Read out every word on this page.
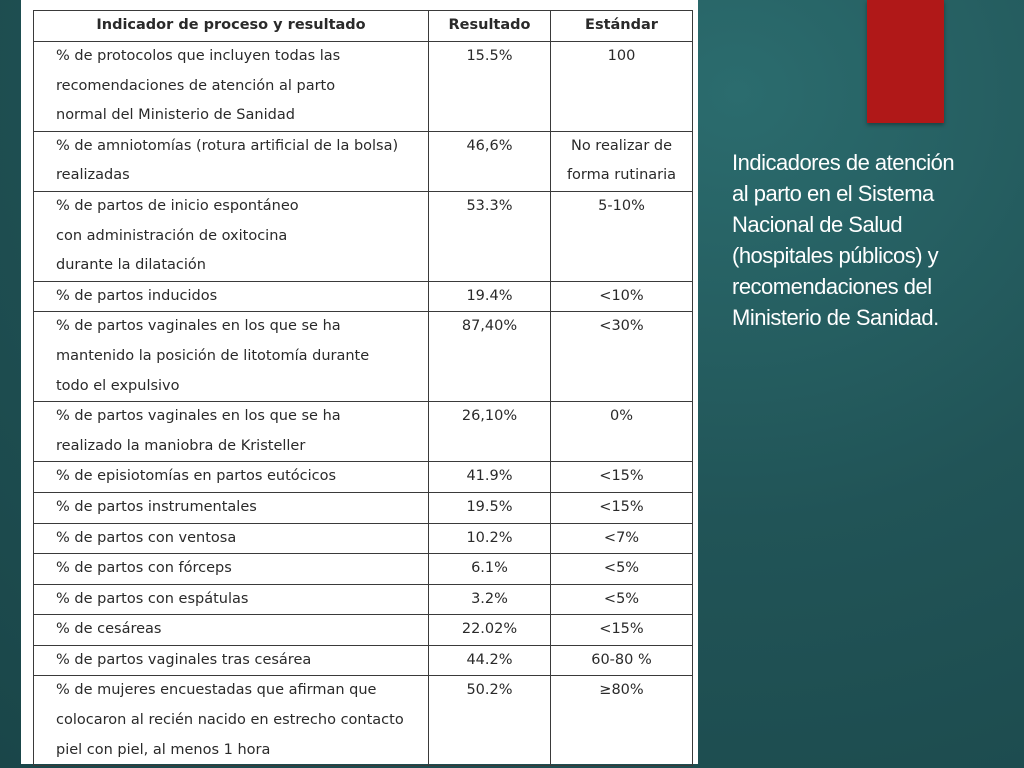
Indicador de proceso y resultado	Resultado	Estándar

% de protocolos que incluyen todas las
recomendaciones de atención al parto
normal del Ministerio de Sanidad	15.5%	100

% de amniotomías (rotura artificial de la bolsa)
realizadas	46,6%	No realizar de
forma rutinaria

% de partos de inicio espontáneo
con administración de oxitocina
durante la dilatación	53.3%	5-10%

% de partos inducidos	19.4%	<10%

% de partos vaginales en los que se ha
mantenido la posición de litotomía durante
todo el expulsivo	87,40%	<30%

% de partos vaginales en los que se ha
realizado la maniobra de Kristeller	26,10%	0%

% de episiotomías en partos eutócicos	41.9%	<15%

% de partos instrumentales	19.5%	<15%

% de partos con ventosa	10.2%	<7%

% de partos con fórceps	6.1%	<5%

% de partos con espátulas	3.2%	<5%

% de cesáreas	22.02%	<15%

% de partos vaginales tras cesárea	44.2%	60-80 %

% de mujeres encuestadas que afirman que
colocaron al recién nacido en estrecho contacto
piel con piel, al menos 1 hora	50.2%	≥80%
Indicadores de atención
al parto en el Sistema
Nacional de Salud
(hospitales públicos) y
recomendaciones del
Ministerio de Sanidad.
